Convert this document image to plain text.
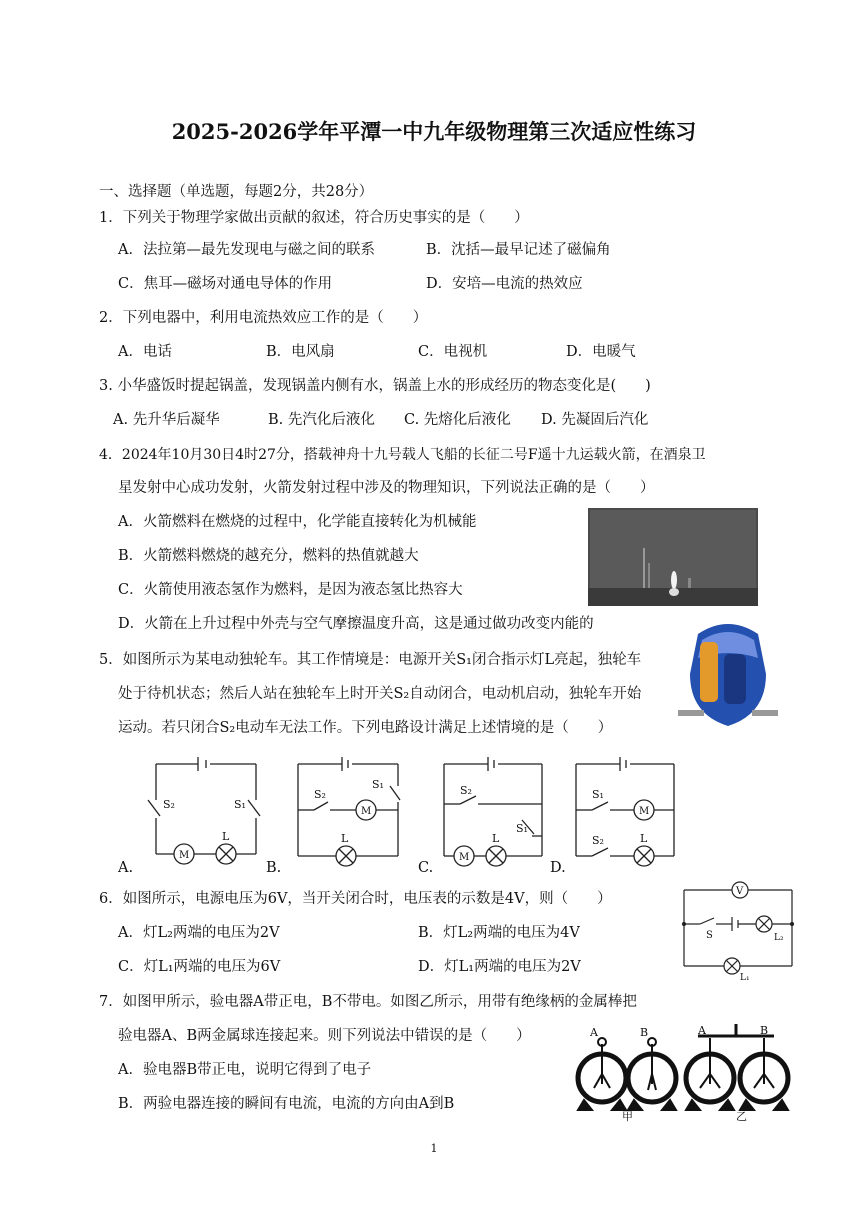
2025-2026学年平潭一中九年级物理第三次适应性练习
一、选择题（单选题，每题2分，共28分）
1．下列关于物理学家做出贡献的叙述，符合历史事实的是（　　）
A．法拉第—最先发现电与磁之间的联系	B．沈括—最早记述了磁偏角
C．焦耳—磁场对通电导体的作用	D．安培—电流的热效应
2．下列电器中，利用电流热效应工作的是（　　）
A．电话	B．电风扇	C．电视机	D．电暖气
3. 小华盛饭时提起锅盖，发现锅盖内侧有水，锅盖上水的形成经历的物态变化是(　　)
A. 先升华后凝华	B. 先汽化后液化 C. 先熔化后液化 D. 先凝固后汽化
4．2024年10月30日4时27分，搭载神舟十九号载人飞船的长征二号F遥十九运载火箭，在酒泉卫
星发射中心成功发射，火箭发射过程中涉及的物理知识，下列说法正确的是（　　）
A．火箭燃料在燃烧的过程中，化学能直接转化为机械能
B．火箭燃料燃烧的越充分，燃料的热值就越大
C．火箭使用液态氢作为燃料，是因为液态氢比热容大
D．火箭在上升过程中外壳与空气摩擦温度升高，这是通过做功改变内能的
5．如图所示为某电动独轮车。其工作情境是：电源开关S₁闭合指示灯L亮起，独轮车
处于待机状态；然后人站在独轮车上时开关S₂自动闭合，电动机启动，独轮车开始
运动。若只闭合S₂电动车无法工作。下列电路设计满足上述情境的是（　　）
A.	B.	C.	D.
S₂	S₁
M
L
S₂
S₁
M
L
S₂
S₁
M
L
S₁
S₂
M
L
6．如图所示，电源电压为6V，当开关闭合时，电压表的示数是4V，则（　　）
A．灯L₂两端的电压为2V	B．灯L₂两端的电压为4V
C．灯L₁两端的电压为6V	D．灯L₁两端的电压为2V
V
S	L₂
L₁
7．如图甲所示，验电器A带正电，B不带电。如图乙所示，用带有绝缘柄的金属棒把
验电器A、B两金属球连接起来。则下列说法中错误的是（　　）
A．验电器B带正电，说明它得到了电子
B．两验电器连接的瞬间有电流，电流的方向由A到B
A	B	A	B
甲	乙
1
